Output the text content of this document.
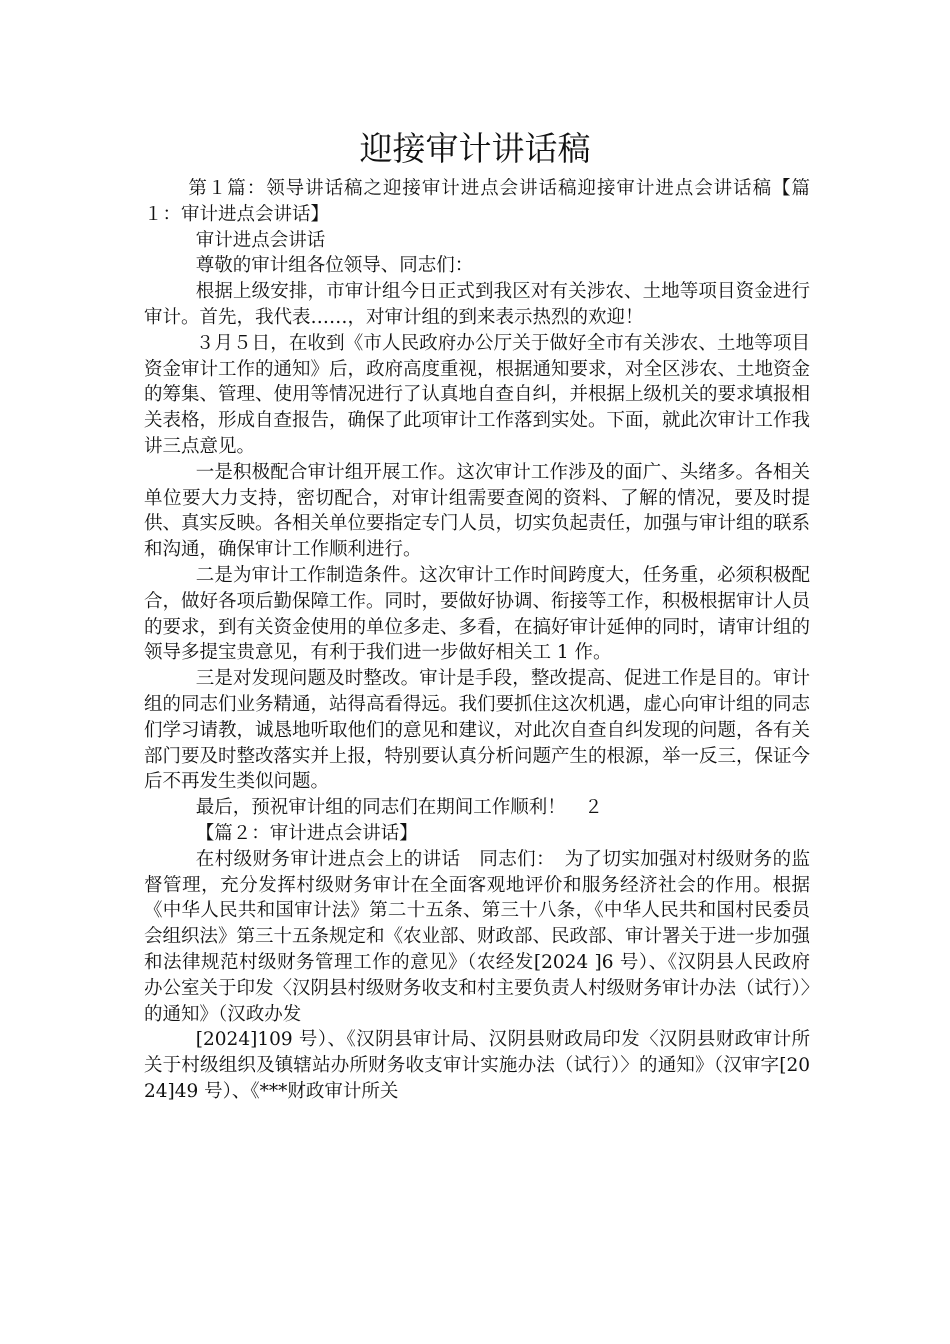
迎接审计讲话稿

第１篇：领导讲话稿之迎接审计进点会讲话稿迎接审计进点会讲话稿【篇１：审计进点会讲话】

审计进点会讲话

尊敬的审计组各位领导、同志们：

根据上级安排，市审计组今日正式到我区对有关涉农、土地等项目资金进行审计。首先，我代表……，对审计组的到来表示热烈的欢迎！

３月５日，在收到《市人民政府办公厅关于做好全市有关涉农、土地等项目资金审计工作的通知》后，政府高度重视，根据通知要求，对全区涉农、土地资金的筹集、管理、使用等情况进行了认真地自查自纠，并根据上级机关的要求填报相关表格，形成自查报告，确保了此项审计工作落到实处。下面，就此次审计工作我讲三点意见。

一是积极配合审计组开展工作。这次审计工作涉及的面广、头绪多。各相关单位要大力支持，密切配合，对审计组需要查阅的资料、了解的情况，要及时提供、真实反映。各相关单位要指定专门人员，切实负起责任，加强与审计组的联系和沟通，确保审计工作顺利进行。

二是为审计工作制造条件。这次审计工作时间跨度大，任务重，必须积极配合，做好各项后勤保障工作。同时，要做好协调、衔接等工作，积极根据审计人员的要求，到有关资金使用的单位多走、多看，在搞好审计延伸的同时，请审计组的领导多提宝贵意见，有利于我们进一步做好相关工 1 作。

三是对发现问题及时整改。审计是手段，整改提高、促进工作是目的。审计组的同志们业务精通，站得高看得远。我们要抓住这次机遇，虚心向审计组的同志们学习请教，诚恳地听取他们的意见和建议，对此次自查自纠发现的问题，各有关部门要及时整改落实并上报，特别要认真分析问题产生的根源，举一反三，保证今后不再发生类似问题。

最后，预祝审计组的同志们在期间工作顺利！　２

【篇２：审计进点会讲话】

在村级财务审计进点会上的讲话　同志们：　为了切实加强对村级财务的监督管理，充分发挥村级财务审计在全面客观地评价和服务经济社会的作用。根据《中华人民共和国审计法》第二十五条、第三十八条，《中华人民共和国村民委员会组织法》第三十五条规定和《农业部、财政部、民政部、审计署关于进一步加强和法律规范村级财务管理工作的意见》（农经发[2024 ]6 号）、《汉阴县人民政府办公室关于印发〈汉阴县村级财务收支和村主要负责人村级财务审计办法（试行）〉的通知》（汉政办发

[2024]109 号）、《汉阴县审计局、汉阴县财政局印发〈汉阴县财政审计所关于村级组织及镇辖站办所财务收支审计实施办法（试行）〉的通知》（汉审字[2024]49 号）、《***财政审计所关
